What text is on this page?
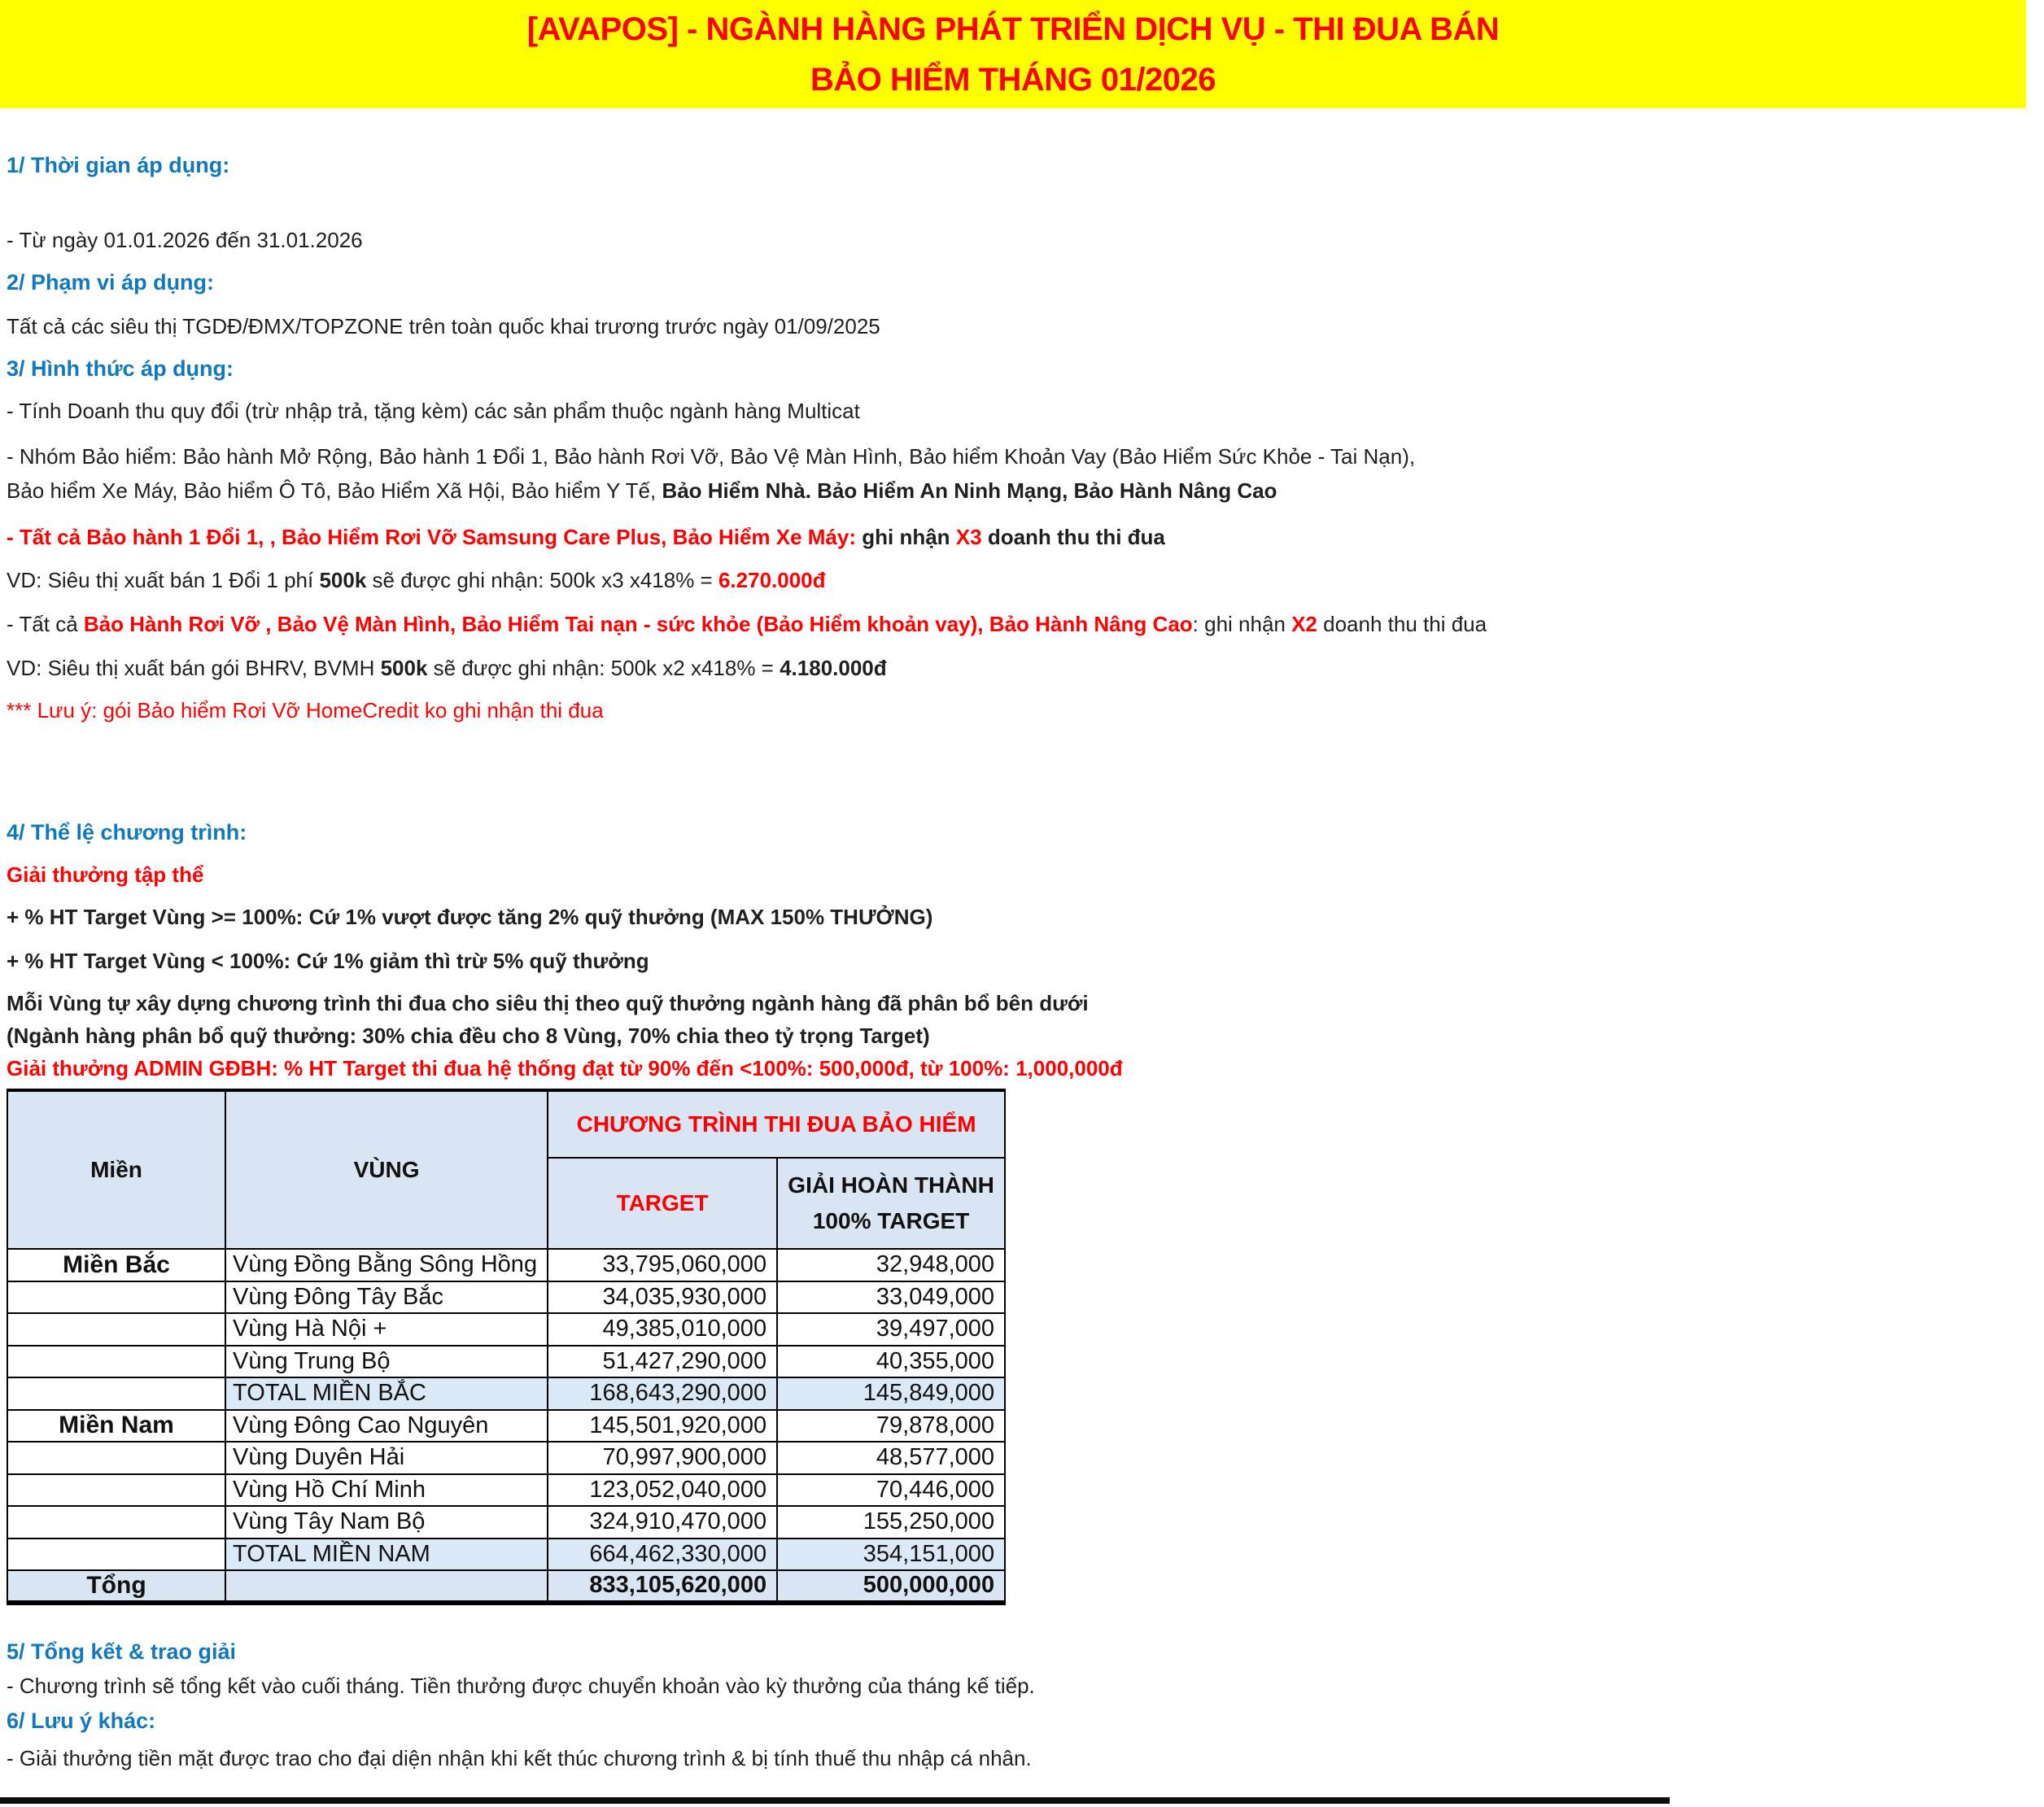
[AVAPOS] - NGÀNH HÀNG PHÁT TRIỂN DỊCH VỤ - THI ĐUA BÁN
BẢO HIỂM THÁNG 01/2026
1/ Thời gian áp dụng:
- Từ ngày 01.01.2026 đến 31.01.2026
2/ Phạm vi áp dụng:
Tất cả các siêu thị TGDĐ/ĐMX/TOPZONE trên toàn quốc khai trương trước ngày 01/09/2025
3/ Hình thức áp dụng:
- Tính Doanh thu quy đổi (trừ nhập trả, tặng kèm) các sản phẩm thuộc ngành hàng Multicat
- Nhóm Bảo hiểm: Bảo hành Mở Rộng, Bảo hành 1 Đổi 1, Bảo hành Rơi Vỡ, Bảo Vệ Màn Hình, Bảo hiểm Khoản Vay (Bảo Hiểm Sức Khỏe - Tai Nạn),
Bảo hiểm Xe Máy, Bảo hiểm Ô Tô, Bảo Hiểm Xã Hội, Bảo hiểm Y Tế, Bảo Hiểm Nhà. Bảo Hiểm An Ninh Mạng, Bảo Hành Nâng Cao
- Tất cả Bảo hành 1 Đổi 1, , Bảo Hiểm Rơi Vỡ Samsung Care Plus, Bảo Hiểm Xe Máy: ghi nhận X3 doanh thu thi đua
VD: Siêu thị xuất bán 1 Đổi 1 phí 500k sẽ được ghi nhận: 500k x3 x418% = 6.270.000đ
- Tất cả Bảo Hành Rơi Vỡ , Bảo Vệ Màn Hình, Bảo Hiểm Tai nạn - sức khỏe (Bảo Hiểm khoản vay), Bảo Hành Nâng Cao: ghi nhận X2 doanh thu thi đua
VD: Siêu thị xuất bán gói BHRV, BVMH 500k sẽ được ghi nhận: 500k x2 x418% = 4.180.000đ
*** Lưu ý: gói Bảo hiểm Rơi Vỡ HomeCredit ko ghi nhận thi đua
4/ Thể lệ chương trình:
Giải thưởng tập thể
+ % HT Target Vùng >= 100%: Cứ 1% vượt được tăng 2% quỹ thưởng (MAX 150% THƯỞNG)
+ % HT Target Vùng < 100%: Cứ 1% giảm thì trừ 5% quỹ thưởng
Mỗi Vùng tự xây dựng chương trình thi đua cho siêu thị theo quỹ thưởng ngành hàng đã phân bổ bên dưới
(Ngành hàng phân bổ quỹ thưởng: 30% chia đều cho 8 Vùng, 70% chia theo tỷ trọng Target)
Giải thưởng ADMIN GĐBH: % HT Target thi đua hệ thống đạt từ 90% đến <100%: 500,000đ, từ 100%: 1,000,000đ
Miền	VÙNG	CHƯƠNG TRÌNH THI ĐUA BẢO HIỂM	
		TARGET	GIẢI HOÀN THÀNH
100% TARGET

Miền Bắc	Vùng Đồng Bằng Sông Hồng	33,795,060,000	32,948,000
	Vùng Đông Tây Bắc	34,035,930,000	33,049,000
	Vùng Hà Nội +	49,385,010,000	39,497,000
	Vùng Trung Bộ	51,427,290,000	40,355,000
	TOTAL MIỀN BẮC	168,643,290,000	145,849,000
Miền Nam	Vùng Đông Cao Nguyên	145,501,920,000	79,878,000
	Vùng Duyên Hải	70,997,900,000	48,577,000
	Vùng Hồ Chí Minh	123,052,040,000	70,446,000
	Vùng Tây Nam Bộ	324,910,470,000	155,250,000
	TOTAL MIỀN NAM	664,462,330,000	354,151,000
Tổng		833,105,620,000	500,000,000
5/ Tổng kết & trao giải
- Chương trình sẽ tổng kết vào cuối tháng. Tiền thưởng được chuyển khoản vào kỳ thưởng của tháng kế tiếp.
6/ Lưu ý khác:
- Giải thưởng tiền mặt được trao cho đại diện nhận khi kết thúc chương trình & bị tính thuế thu nhập cá nhân.
